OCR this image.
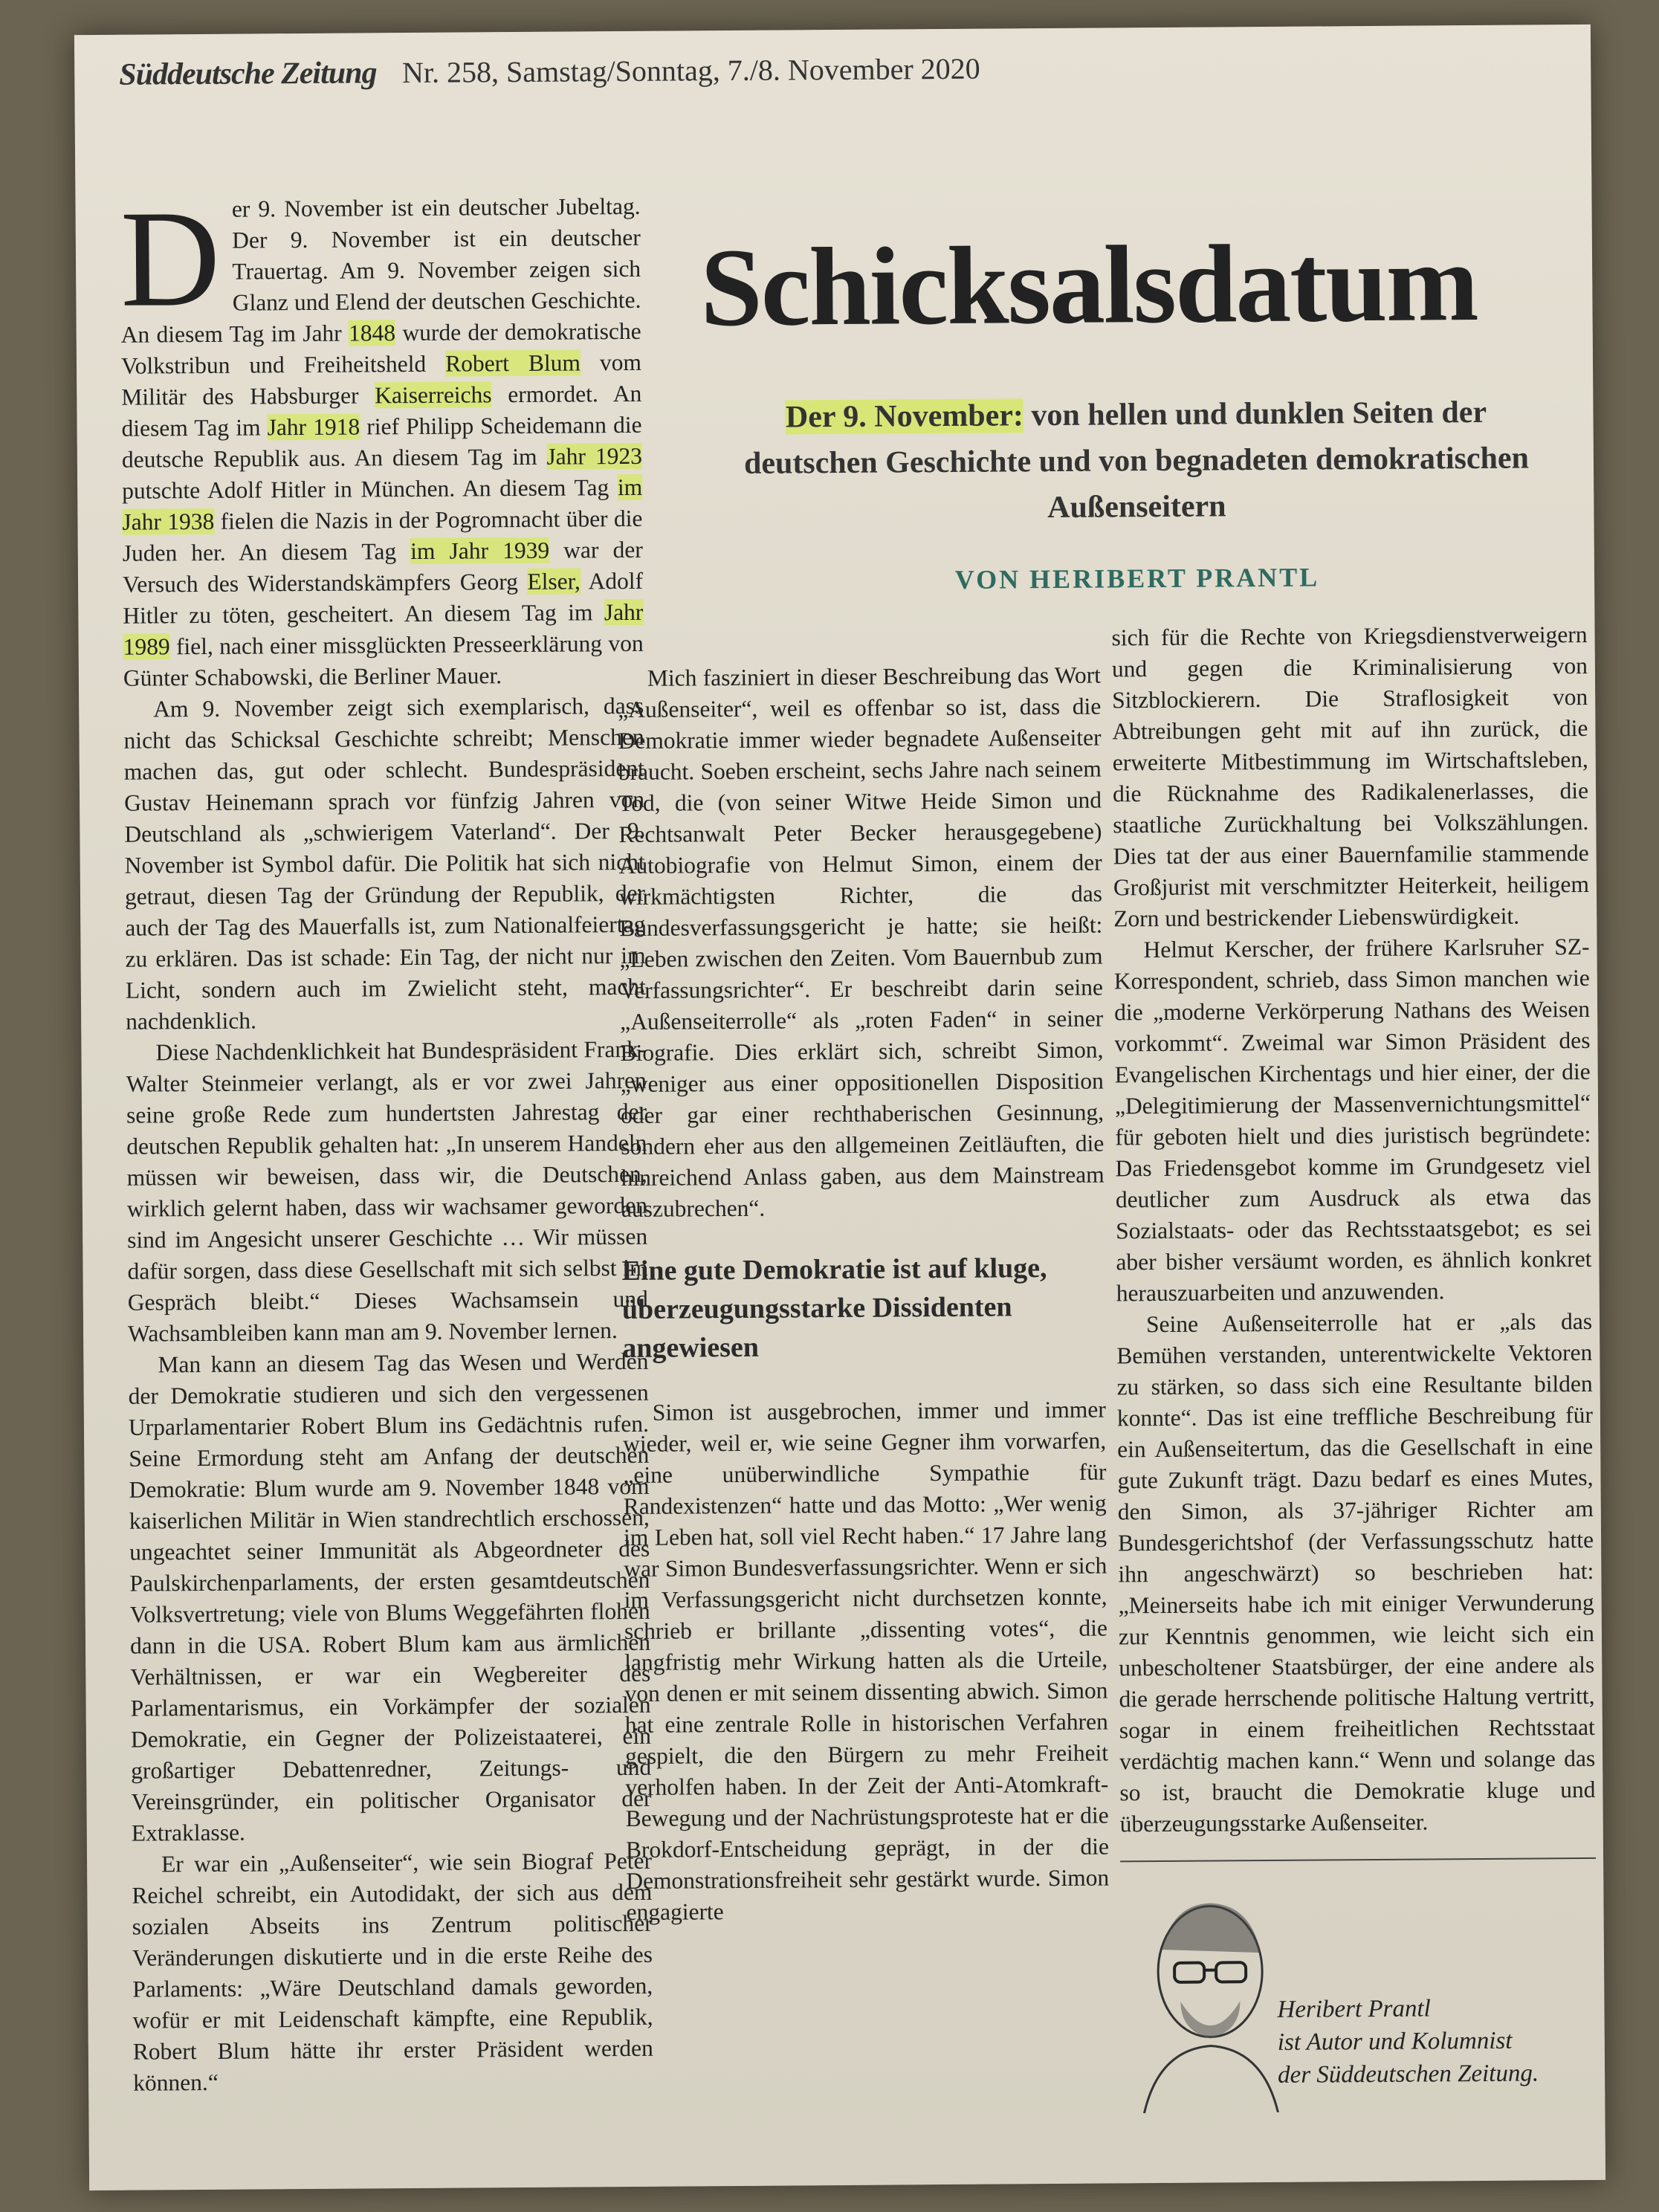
Süddeutsche Zeitung Nr. 258, Samstag/Sonntag, 7./8. November 2020
Schicksalsdatum
Der 9. November: von hellen und dunklen Seiten der deutschen Geschichte und von begnadeten demokratischen Außenseitern
VON HERIBERT PRANTL

Der 9. November ist ein deutscher Jubeltag. Der 9. November ist ein deutscher Trauertag. Am 9. November zeigen sich Glanz und Elend der deutschen Geschichte. An diesem Tag im Jahr 1848 wurde der demokratische Volkstribun und Freiheitsheld Robert Blum vom Militär des Habsburger Kaiserreichs ermordet. An diesem Tag im Jahr 1918 rief Philipp Scheidemann die deutsche Republik aus. An diesem Tag im Jahr 1923 putschte Adolf Hitler in München. An diesem Tag im Jahr 1938 fielen die Nazis in der Pogromnacht über die Juden her. An diesem Tag im Jahr 1939 war der Versuch des Widerstandskämpfers Georg Elser, Adolf Hitler zu töten, gescheitert. An diesem Tag im Jahr 1989 fiel, nach einer missglückten Presseerklärung von Günter Schabowski, die Berliner Mauer.

Am 9. November zeigt sich exemplarisch, dass nicht das Schicksal Geschichte schreibt; Menschen machen das, gut oder schlecht. Bundespräsident Gustav Heinemann sprach vor fünfzig Jahren von Deutschland als „schwierigem Vaterland“. Der 9. November ist Symbol dafür. Die Politik hat sich nicht getraut, diesen Tag der Gründung der Republik, der auch der Tag des Mauerfalls ist, zum Nationalfeiertag zu erklären. Das ist schade: Ein Tag, der nicht nur im Licht, sondern auch im Zwielicht steht, macht nachdenklich.

Diese Nachdenklichkeit hat Bundespräsident Frank-Walter Steinmeier verlangt, als er vor zwei Jahren seine große Rede zum hundertsten Jahrestag der deutschen Republik gehalten hat: „In unserem Handeln müssen wir beweisen, dass wir, die Deutschen, wirklich gelernt haben, dass wir wachsamer geworden sind im Angesicht unserer Geschichte … Wir müssen dafür sorgen, dass diese Gesellschaft mit sich selbst im Gespräch bleibt.“ Dieses Wachsamsein und Wachsambleiben kann man am 9. November lernen.

Man kann an diesem Tag das Wesen und Werden der Demokratie studieren und sich den vergessenen Urparlamentarier Robert Blum ins Gedächtnis rufen. Seine Ermordung steht am Anfang der deutschen Demokratie: Blum wurde am 9. November 1848 vom kaiserlichen Militär in Wien standrechtlich erschossen, ungeachtet seiner Immunität als Abgeordneter des Paulskirchenparlaments, der ersten gesamtdeutschen Volksvertretung; viele von Blums Weggefährten flohen dann in die USA. Robert Blum kam aus ärmlichen Verhältnissen, er war ein Wegbereiter des Parlamentarismus, ein Vorkämpfer der sozialen Demokratie, ein Gegner der Polizeistaaterei, ein großartiger Debattenredner, Zeitungs- und Vereinsgründer, ein politischer Organisator der Extraklasse.

Er war ein „Außenseiter“, wie sein Biograf Peter Reichel schreibt, ein Autodidakt, der sich aus dem sozialen Abseits ins Zentrum politischer Veränderungen diskutierte und in die erste Reihe des Parlaments: „Wäre Deutschland damals geworden, wofür er mit Leidenschaft kämpfte, eine Republik, Robert Blum hätte ihr erster Präsident werden können.“

Mich fasziniert in dieser Beschreibung das Wort „Außenseiter“, weil es offenbar so ist, dass die Demokratie immer wieder begnadete Außenseiter braucht. Soeben erscheint, sechs Jahre nach seinem Tod, die (von seiner Witwe Heide Simon und Rechtsanwalt Peter Becker herausgegebene) Autobiografie von Helmut Simon, einem der wirkmächtigsten Richter, die das Bundesverfassungsgericht je hatte; sie heißt: „Leben zwischen den Zeiten. Vom Bauernbub zum Verfassungsrichter“. Er beschreibt darin seine „Außenseiterrolle“ als „roten Faden“ in seiner Biografie. Dies erklärt sich, schreibt Simon, „weniger aus einer oppositionellen Disposition oder gar einer rechthaberischen Gesinnung, sondern eher aus den allgemeinen Zeitläuften, die hinreichend Anlass gaben, aus dem Mainstream auszubrechen“.

Eine gute Demokratie ist auf kluge, überzeugungsstarke Dissidenten angewiesen

Simon ist ausgebrochen, immer und immer wieder, weil er, wie seine Gegner ihm vorwarfen, „eine unüberwindliche Sympathie für Randexistenzen“ hatte und das Motto: „Wer wenig im Leben hat, soll viel Recht haben.“ 17 Jahre lang war Simon Bundesverfassungsrichter. Wenn er sich im Verfassungsgericht nicht durchsetzen konnte, schrieb er brillante „dissenting votes“, die langfristig mehr Wirkung hatten als die Urteile, von denen er mit seinem dissenting abwich. Simon hat eine zentrale Rolle in historischen Verfahren gespielt, die den Bürgern zu mehr Freiheit verholfen haben. In der Zeit der Anti-Atomkraft-Bewegung und der Nachrüstungsproteste hat er die Brokdorf-Entscheidung geprägt, in der die Demonstrationsfreiheit sehr gestärkt wurde. Simon engagierte

sich für die Rechte von Kriegsdienstverweigern und gegen die Kriminalisierung von Sitzblockierern. Die Straflosigkeit von Abtreibungen geht mit auf ihn zurück, die erweiterte Mitbestimmung im Wirtschaftsleben, die Rücknahme des Radikalenerlasses, die staatliche Zurückhaltung bei Volkszählungen. Dies tat der aus einer Bauernfamilie stammende Großjurist mit verschmitzter Heiterkeit, heiligem Zorn und bestrickender Liebenswürdigkeit.

Helmut Kerscher, der frühere Karlsruher SZ-Korrespondent, schrieb, dass Simon manchen wie die „moderne Verkörperung Nathans des Weisen vorkommt“. Zweimal war Simon Präsident des Evangelischen Kirchentags und hier einer, der die „Delegitimierung der Massenvernichtungsmittel“ für geboten hielt und dies juristisch begründete: Das Friedensgebot komme im Grundgesetz viel deutlicher zum Ausdruck als etwa das Sozialstaats- oder das Rechtsstaatsgebot; es sei aber bisher versäumt worden, es ähnlich konkret herauszuarbeiten und anzuwenden.

Seine Außenseiterrolle hat er „als das Bemühen verstanden, unterentwickelte Vektoren zu stärken, so dass sich eine Resultante bilden konnte“. Das ist eine treffliche Beschreibung für ein Außenseitertum, das die Gesellschaft in eine gute Zukunft trägt. Dazu bedarf es eines Mutes, den Simon, als 37-jähriger Richter am Bundesgerichtshof (der Verfassungsschutz hatte ihn angeschwärzt) so beschrieben hat: „Meinerseits habe ich mit einiger Verwunderung zur Kenntnis genommen, wie leicht sich ein unbescholtener Staatsbürger, der eine andere als die gerade herrschende politische Haltung vertritt, sogar in einem freiheitlichen Rechtsstaat verdächtig machen kann.“ Wenn und solange das so ist, braucht die Demokratie kluge und überzeugungsstarke Außenseiter.

Heribert Prantl
ist Autor und Kolumnist
der Süddeutschen Zeitung.
